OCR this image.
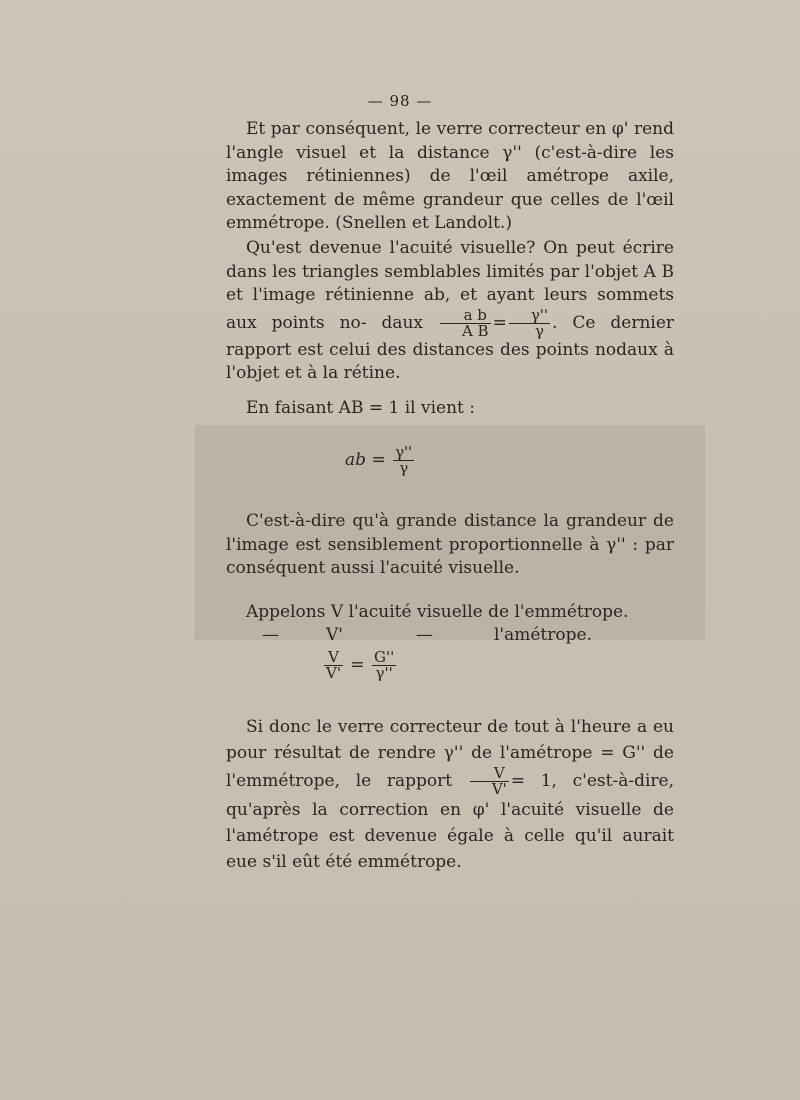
— 98 —
Et par conséquent, le verre correcteur en φ' rend l'angle visuel et la distance γ'' (c'est-à-dire les images rétiniennes) de l'œil amétrope axile, exactement de même grandeur que celles de l'œil emmétrope. (Snellen et Landolt.)
Qu'est devenue l'acuité visuelle? On peut écrire dans les triangles semblables limités par l'objet A B et l'image rétinienne ab, et ayant leurs sommets aux points no- daux $\frac{\text{a b}}{\text{A B}} = \frac{\gamma''}{\gamma}$ . Ce dernier rapport est celui des distances des points nodaux à l'objet et à la rétine.
En faisant AB = 1 il vient :
ab = $\frac{\gamma''}{\gamma}$
C'est-à-dire qu'à grande distance la grandeur de l'image est sensiblement proportionnelle à γ'' : par conséquent aussi l'acuité visuelle.
Appelons V l'acuité visuelle de l'emmétrope.
—	V'	—	l'amétrope.
$\frac{V}{V'} = \frac{G''}{\gamma''}$
Si donc le verre correcteur de tout à l'heure a eu pour résultat de rendre γ'' de l'amétrope = G'' de l'emmétrope, le rapport $\frac{V}{V'} = 1$, c'est-à-dire, qu'après la correction en φ' l'acuité visuelle de l'amétrope est devenue égale à celle qu'il aurait eue s'il eût été emmétrope.
